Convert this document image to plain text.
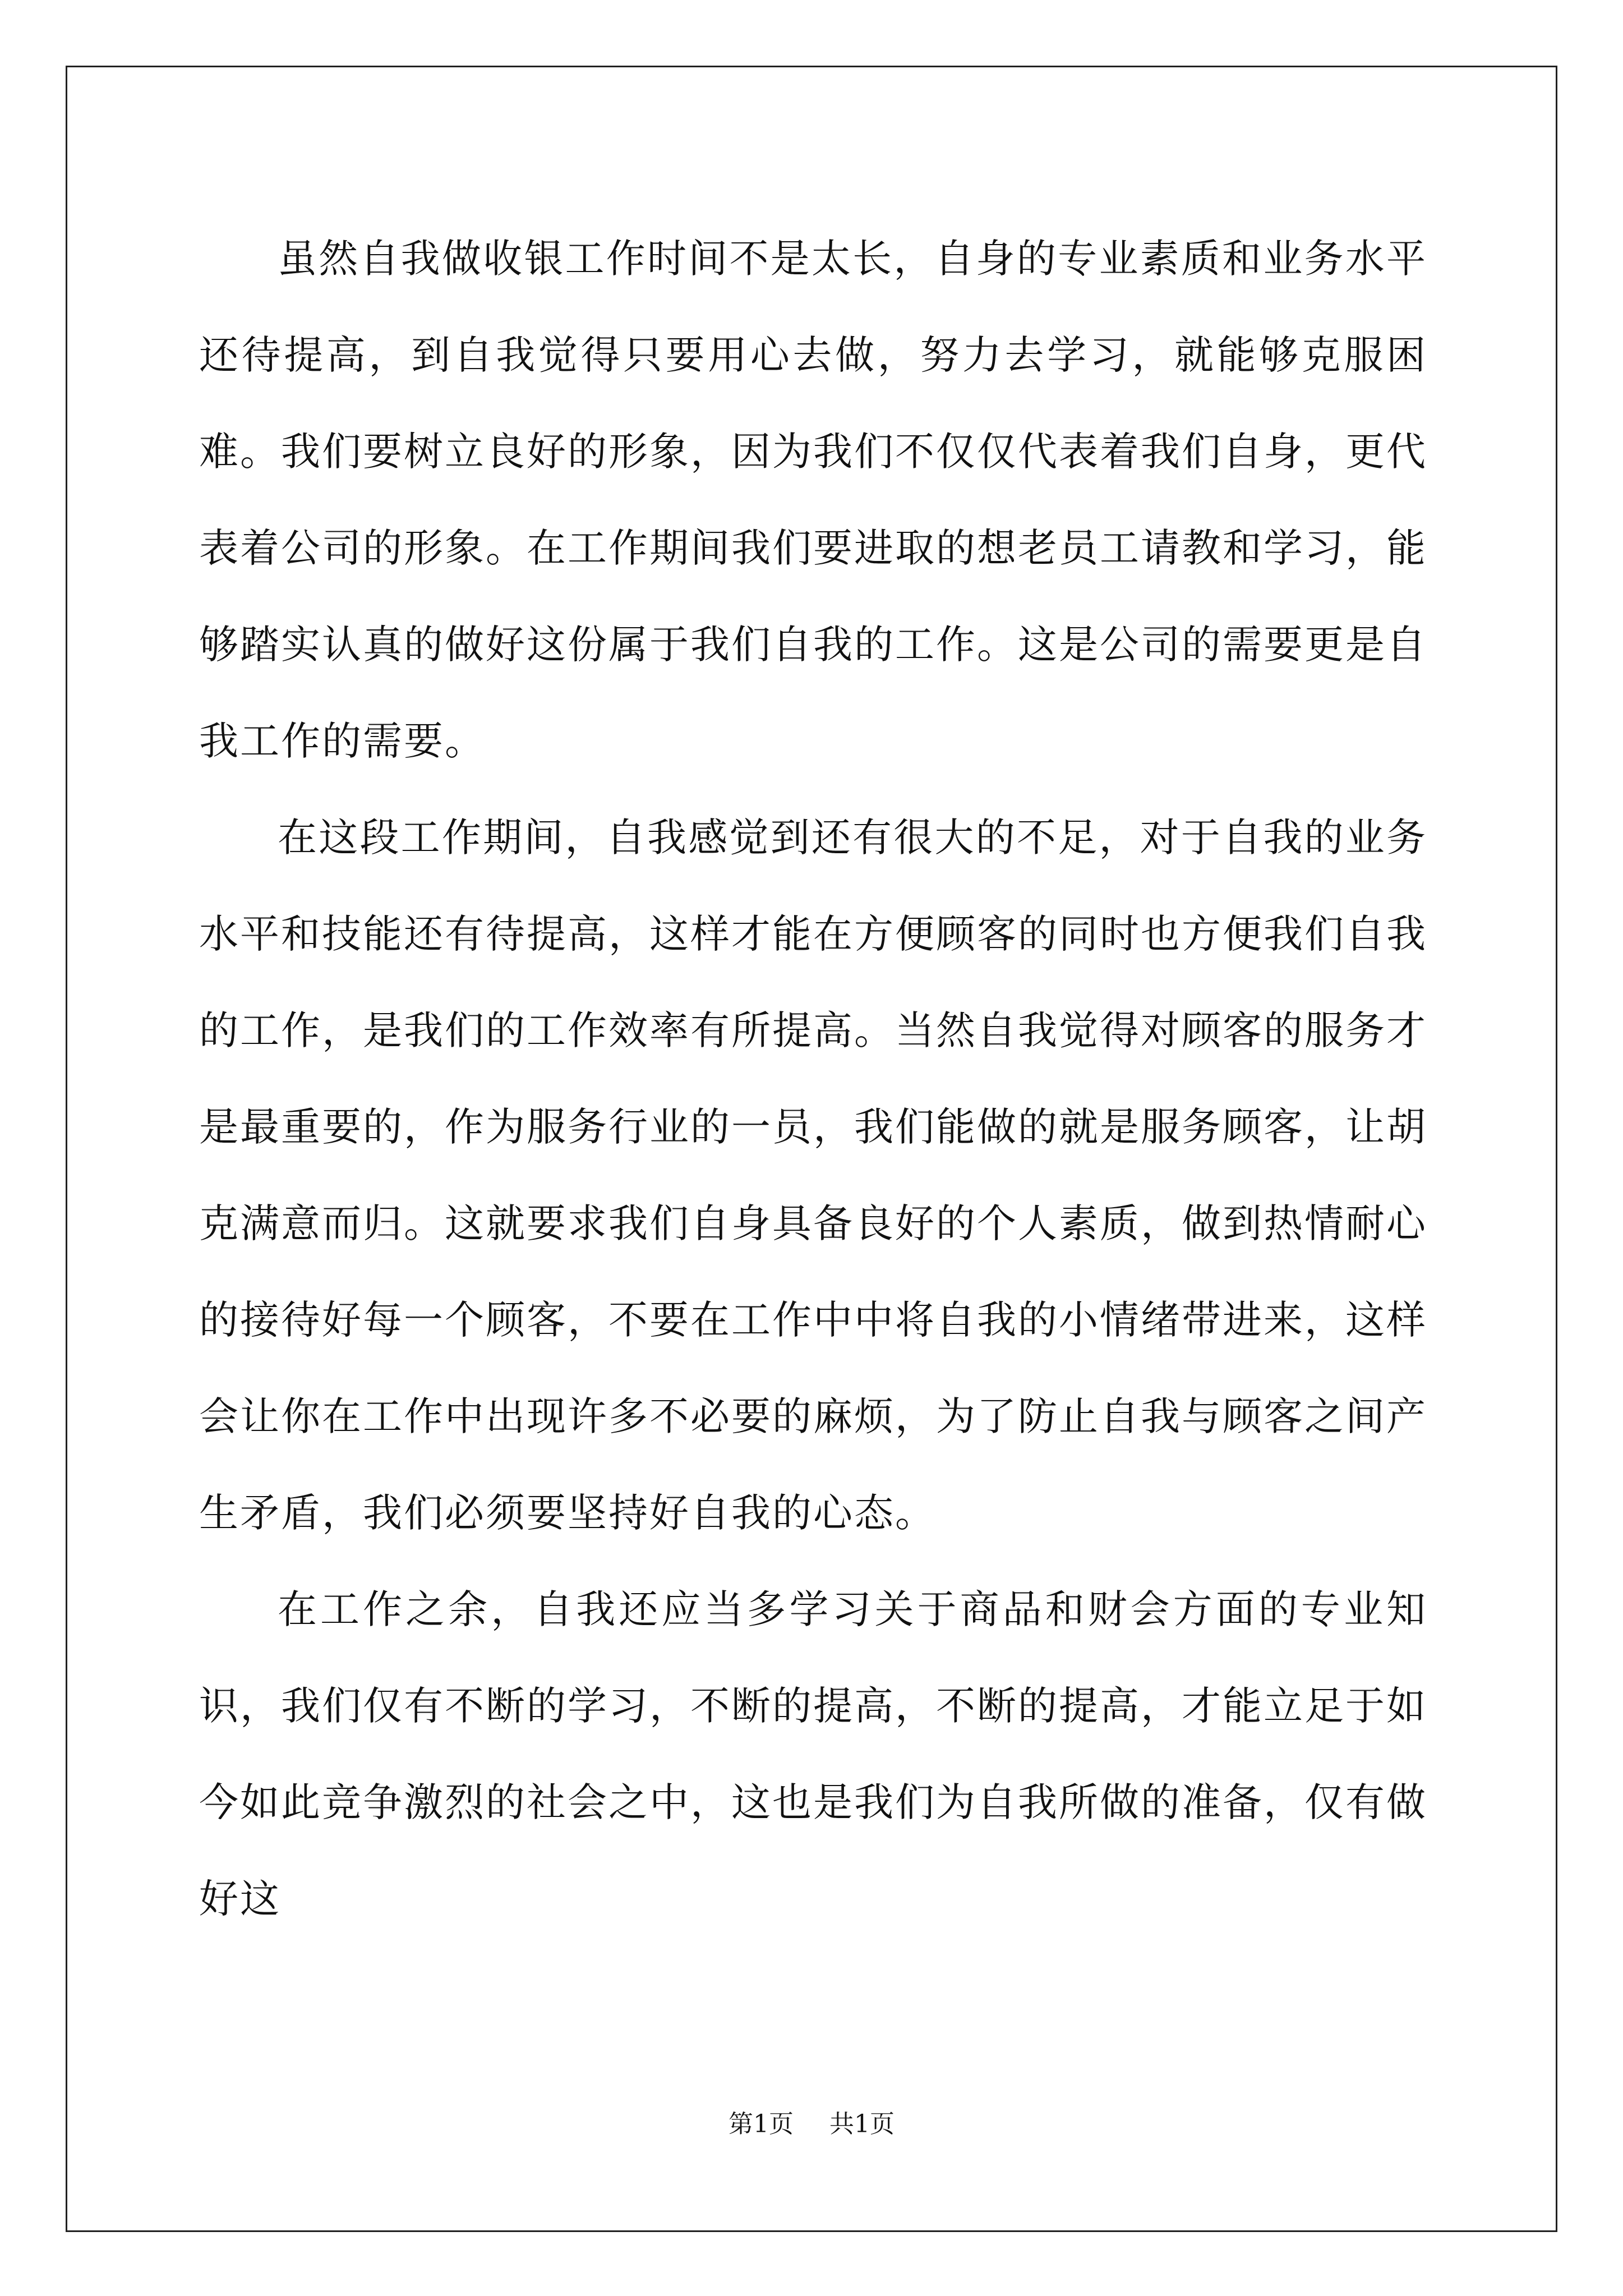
虽然自我做收银工作时间不是太长，自身的专业素质和业务水平还待提高，到自我觉得只要用心去做，努力去学习，就能够克服困难。我们要树立良好的形象，因为我们不仅仅代表着我们自身，更代表着公司的形象。在工作期间我们要进取的想老员工请教和学习，能够踏实认真的做好这份属于我们自我的工作。这是公司的需要更是自我工作的需要。

在这段工作期间，自我感觉到还有很大的不足，对于自我的业务水平和技能还有待提高，这样才能在方便顾客的同时也方便我们自我的工作，是我们的工作效率有所提高。当然自我觉得对顾客的服务才是最重要的，作为服务行业的一员，我们能做的就是服务顾客，让胡克满意而归。这就要求我们自身具备良好的个人素质，做到热情耐心的接待好每一个顾客，不要在工作中中将自我的小情绪带进来，这样会让你在工作中出现许多不必要的麻烦，为了防止自我与顾客之间产生矛盾，我们必须要坚持好自我的心态。

在工作之余，自我还应当多学习关于商品和财会方面的专业知识，我们仅有不断的学习，不断的提高，不断的提高，才能立足于如今如此竞争激烈的社会之中，这也是我们为自我所做的准备，仅有做好这

第1页 共1页
